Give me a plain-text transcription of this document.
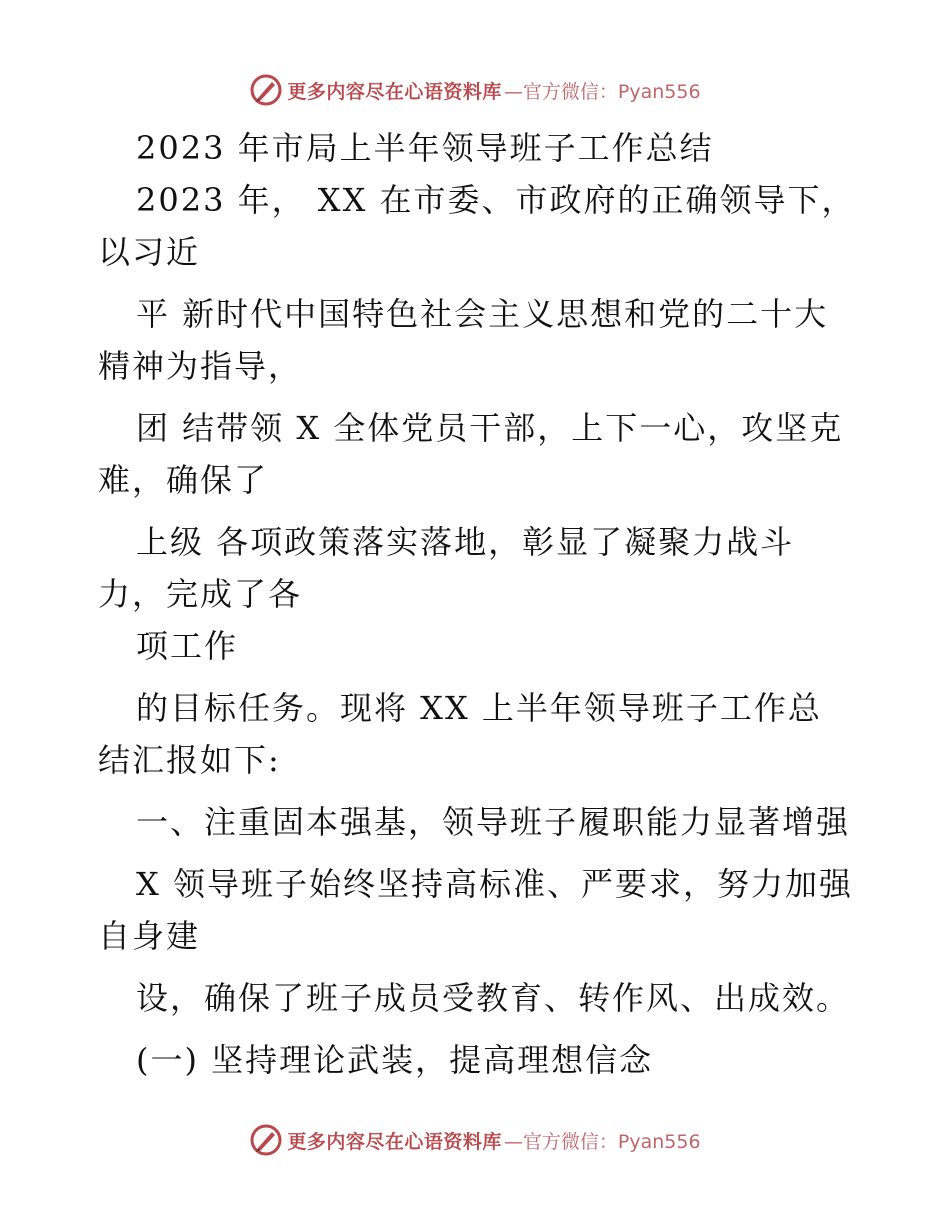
更多内容尽在心语资料库 —官方微信：Pyan556
2023 年市局上半年领导班子工作总结
2023 年， XX 在市委、市政府的正确领导下，
以习近
平 新时代中国特色社会主义思想和党的二十大
精神为指导，
团 结带领 X 全体党员干部，上下一心，攻坚克
难，确保了
上级 各项政策落实落地，彰显了凝聚力战斗
力，完成了各
项工作
的目标任务。现将 XX 上半年领导班子工作总
结汇报如下:
一、注重固本强基，领导班子履职能力显著增强
X 领导班子始终坚持高标准、严要求，努力加强
自身建
设，确保了班子成员受教育、转作风、出成效。
(一) 坚持理论武装，提高理想信念
更多内容尽在心语资料库 —官方微信：Pyan556
